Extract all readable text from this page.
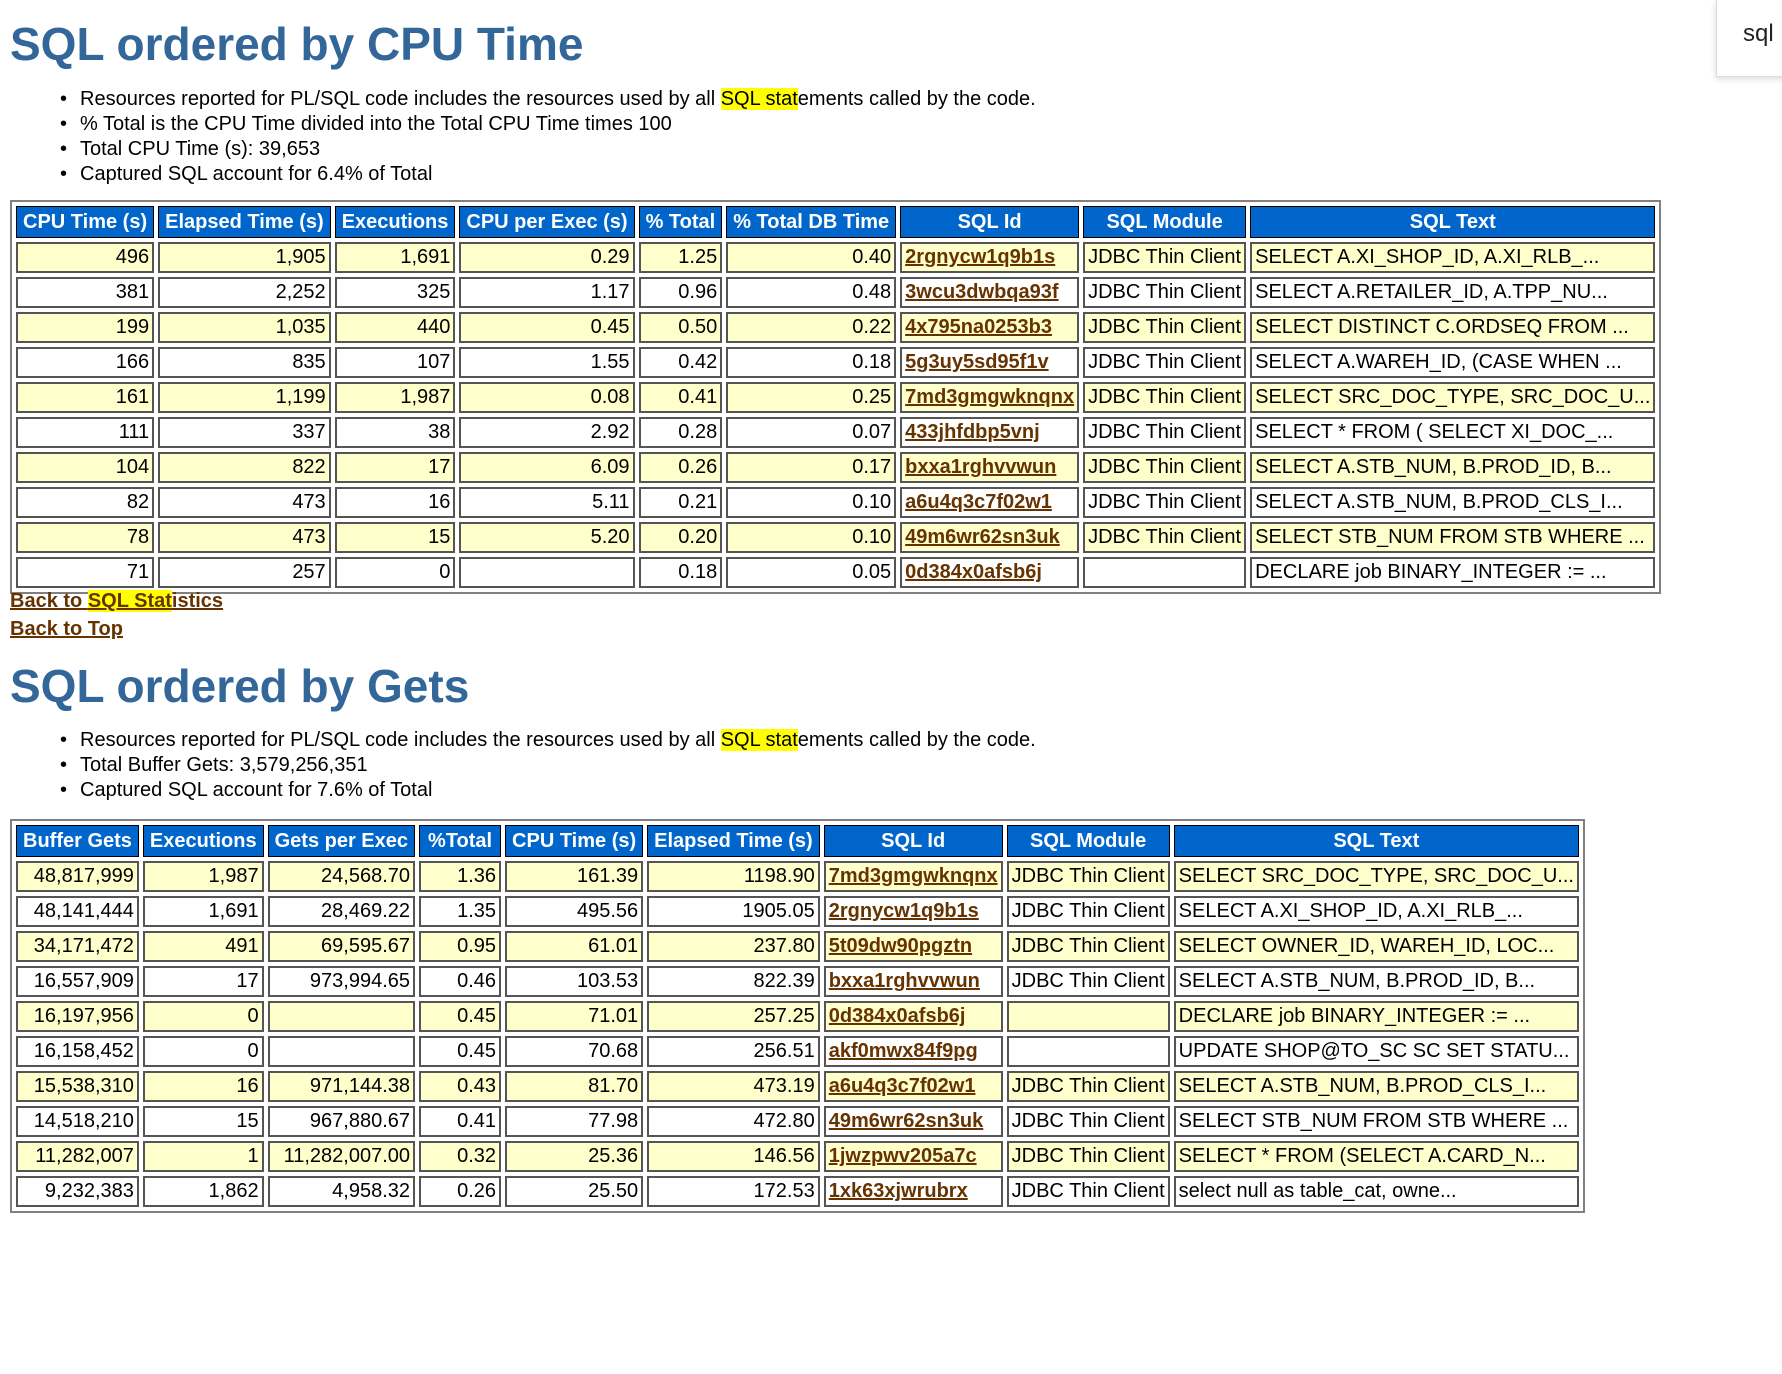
sql
SQL ordered by CPU Time
• Resources reported for PL/SQL code includes the resources used by all SQL statements called by the code.
• % Total is the CPU Time divided into the Total CPU Time times 100
• Total CPU Time (s): 39,653
• Captured SQL account for 6.4% of Total
CPU Time (s)	Elapsed Time (s)	Executions	CPU per Exec (s)	% Total	% Total DB Time	SQL Id	SQL Module	SQL Text
496	1,905	1,691	0.29	1.25	0.40	2rgnycw1q9b1s	JDBC Thin Client	SELECT A.XI_SHOP_ID, A.XI_RLB_...
381	2,252	325	1.17	0.96	0.48	3wcu3dwbqa93f	JDBC Thin Client	SELECT A.RETAILER_ID, A.TPP_NU...
199	1,035	440	0.45	0.50	0.22	4x795na0253b3	JDBC Thin Client	SELECT DISTINCT C.ORDSEQ FROM ...
166	835	107	1.55	0.42	0.18	5g3uy5sd95f1v	JDBC Thin Client	SELECT A.WAREH_ID, (CASE WHEN ...
161	1,199	1,987	0.08	0.41	0.25	7md3gmgwknqnx	JDBC Thin Client	SELECT SRC_DOC_TYPE, SRC_DOC_U...
111	337	38	2.92	0.28	0.07	433jhfdbp5vnj	JDBC Thin Client	SELECT * FROM ( SELECT XI_DOC_...
104	822	17	6.09	0.26	0.17	bxxa1rghvvwun	JDBC Thin Client	SELECT A.STB_NUM, B.PROD_ID, B...
82	473	16	5.11	0.21	0.10	a6u4q3c7f02w1	JDBC Thin Client	SELECT A.STB_NUM, B.PROD_CLS_I...
78	473	15	5.20	0.20	0.10	49m6wr62sn3uk	JDBC Thin Client	SELECT STB_NUM FROM STB WHERE ...
71	257	0		0.18	0.05	0d384x0afsb6j		DECLARE job BINARY_INTEGER := ...
Back to SQL Statistics
Back to Top
SQL ordered by Gets
• Resources reported for PL/SQL code includes the resources used by all SQL statements called by the code.
• Total Buffer Gets: 3,579,256,351
• Captured SQL account for 7.6% of Total
Buffer Gets	Executions	Gets per Exec	%Total	CPU Time (s)	Elapsed Time (s)	SQL Id	SQL Module	SQL Text
48,817,999	1,987	24,568.70	1.36	161.39	1198.90	7md3gmgwknqnx	JDBC Thin Client	SELECT SRC_DOC_TYPE, SRC_DOC_U...
48,141,444	1,691	28,469.22	1.35	495.56	1905.05	2rgnycw1q9b1s	JDBC Thin Client	SELECT A.XI_SHOP_ID, A.XI_RLB_...
34,171,472	491	69,595.67	0.95	61.01	237.80	5t09dw90pgztn	JDBC Thin Client	SELECT OWNER_ID, WAREH_ID, LOC...
16,557,909	17	973,994.65	0.46	103.53	822.39	bxxa1rghvvwun	JDBC Thin Client	SELECT A.STB_NUM, B.PROD_ID, B...
16,197,956	0		0.45	71.01	257.25	0d384x0afsb6j		DECLARE job BINARY_INTEGER := ...
16,158,452	0		0.45	70.68	256.51	akf0mwx84f9pg		UPDATE SHOP@TO_SC SC SET STATU...
15,538,310	16	971,144.38	0.43	81.70	473.19	a6u4q3c7f02w1	JDBC Thin Client	SELECT A.STB_NUM, B.PROD_CLS_I...
14,518,210	15	967,880.67	0.41	77.98	472.80	49m6wr62sn3uk	JDBC Thin Client	SELECT STB_NUM FROM STB WHERE ...
11,282,007	1	11,282,007.00	0.32	25.36	146.56	1jwzpwv205a7c	JDBC Thin Client	SELECT * FROM (SELECT A.CARD_N...
9,232,383	1,862	4,958.32	0.26	25.50	172.53	1xk63xjwrubrx	JDBC Thin Client	select null as table_cat, owne...
